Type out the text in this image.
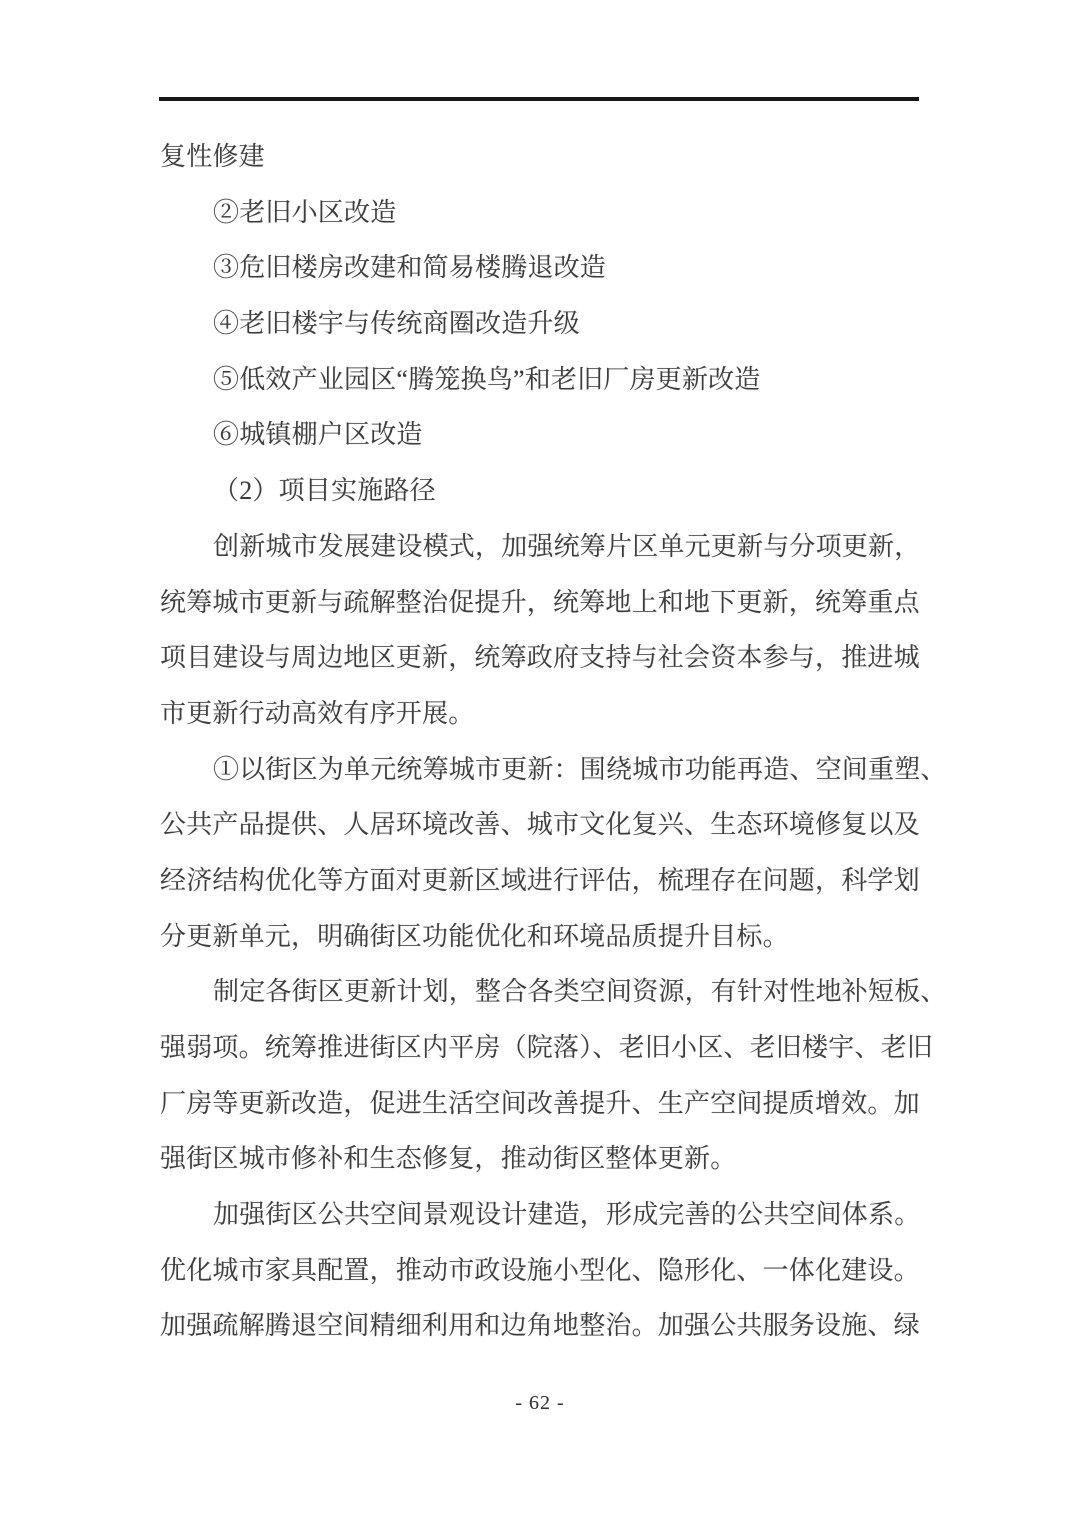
复性修建
②老旧小区改造
③危旧楼房改建和简易楼腾退改造
④老旧楼宇与传统商圈改造升级
⑤低效产业园区“腾笼换鸟”和老旧厂房更新改造
⑥城镇棚户区改造
（2）项目实施路径
创新城市发展建设模式，加强统筹片区单元更新与分项更新，
统筹城市更新与疏解整治促提升，统筹地上和地下更新，统筹重点
项目建设与周边地区更新，统筹政府支持与社会资本参与，推进城
市更新行动高效有序开展。
①以街区为单元统筹城市更新：围绕城市功能再造、空间重塑、
公共产品提供、人居环境改善、城市文化复兴、生态环境修复以及
经济结构优化等方面对更新区域进行评估，梳理存在问题，科学划
分更新单元，明确街区功能优化和环境品质提升目标。
制定各街区更新计划，整合各类空间资源，有针对性地补短板、
强弱项。统筹推进街区内平房（院落）、老旧小区、老旧楼宇、老旧
厂房等更新改造，促进生活空间改善提升、生产空间提质增效。加
强街区城市修补和生态修复，推动街区整体更新。
加强街区公共空间景观设计建造，形成完善的公共空间体系。
优化城市家具配置，推动市政设施小型化、隐形化、一体化建设。
加强疏解腾退空间精细利用和边角地整治。加强公共服务设施、绿
- 62 -
